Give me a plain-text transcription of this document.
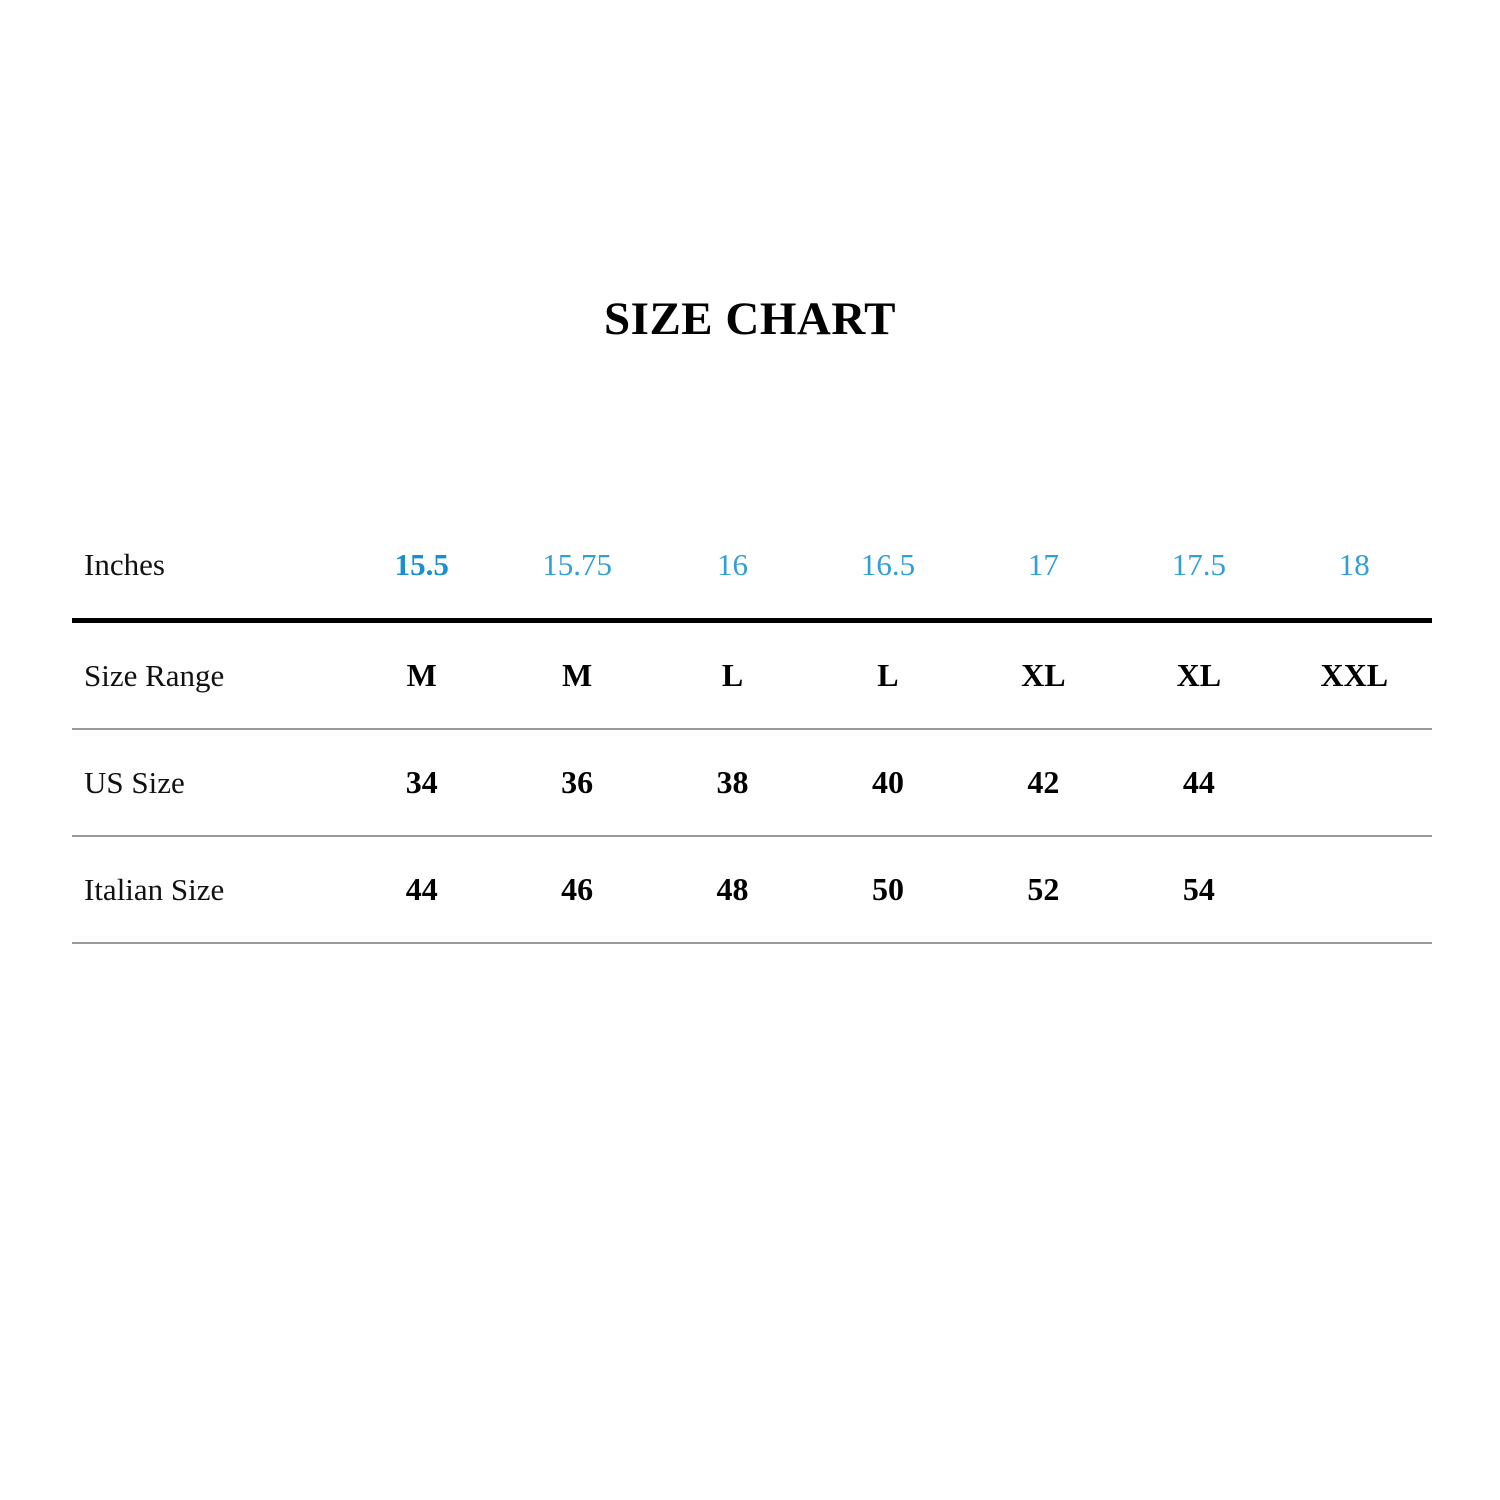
SIZE CHART
Inches	15.5	15.75	16	16.5	17	17.5	18

Size Range	M	M	L	L	XL	XL	XXL

US Size	34	36	38	40	42	44	

Italian Size	44	46	48	50	52	54	
